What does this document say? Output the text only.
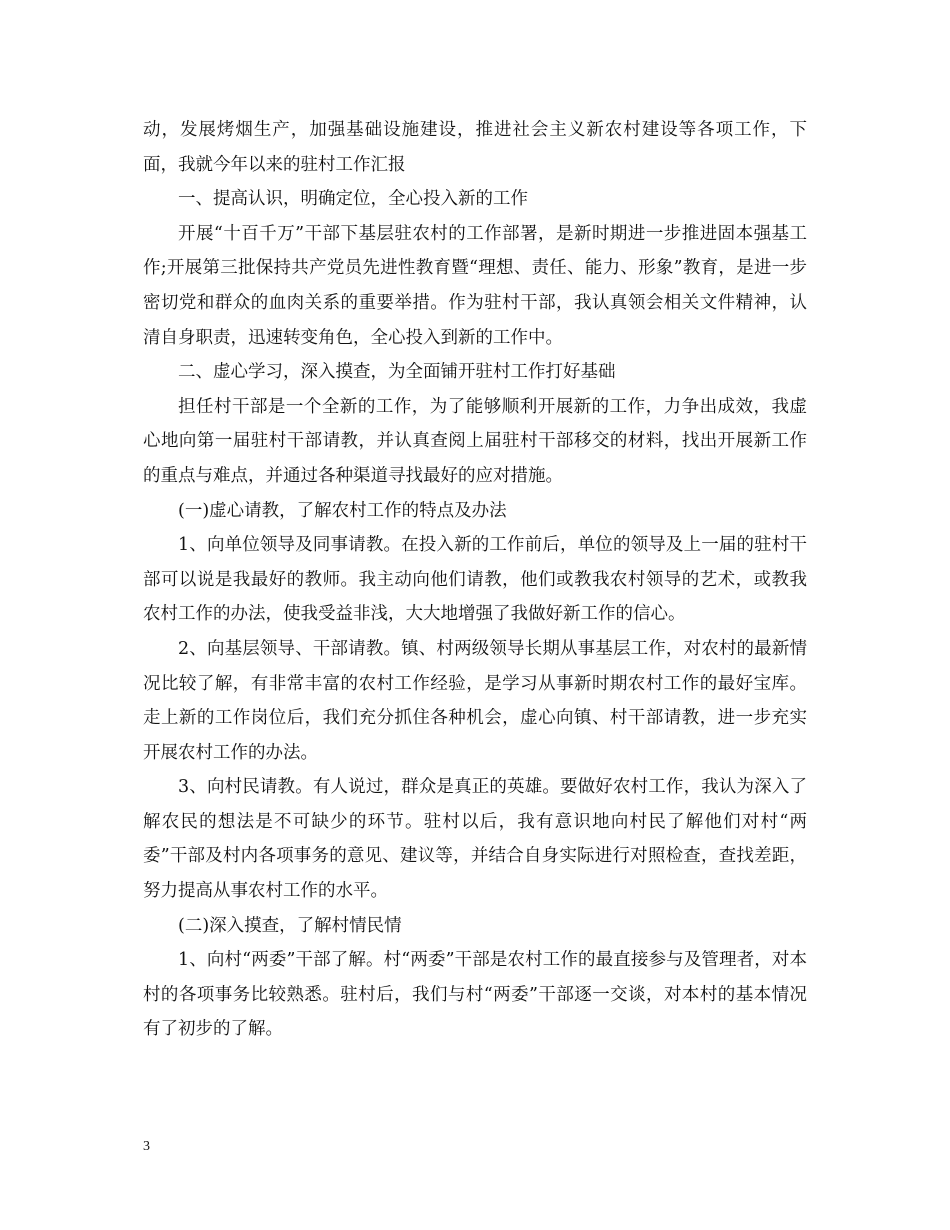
动，发展烤烟生产，加强基础设施建设，推进社会主义新农村建设等各项工作，下面，我就今年以来的驻村工作汇报

一、提高认识，明确定位，全心投入新的工作

开展“十百千万”干部下基层驻农村的工作部署，是新时期进一步推进固本强基工作;开展第三批保持共产党员先进性教育暨“理想、责任、能力、形象”教育，是进一步密切党和群众的血肉关系的重要举措。作为驻村干部，我认真领会相关文件精神，认清自身职责，迅速转变角色，全心投入到新的工作中。

二、虚心学习，深入摸查，为全面铺开驻村工作打好基础

担任村干部是一个全新的工作，为了能够顺利开展新的工作，力争出成效，我虚心地向第一届驻村干部请教，并认真查阅上届驻村干部移交的材料，找出开展新工作的重点与难点，并通过各种渠道寻找最好的应对措施。

(一)虚心请教，了解农村工作的特点及办法

1、向单位领导及同事请教。在投入新的工作前后，单位的领导及上一届的驻村干部可以说是我最好的教师。我主动向他们请教，他们或教我农村领导的艺术，或教我农村工作的办法，使我受益非浅，大大地增强了我做好新工作的信心。

2、向基层领导、干部请教。镇、村两级领导长期从事基层工作，对农村的最新情况比较了解，有非常丰富的农村工作经验，是学习从事新时期农村工作的最好宝库。走上新的工作岗位后，我们充分抓住各种机会，虚心向镇、村干部请教，进一步充实开展农村工作的办法。

3、向村民请教。有人说过，群众是真正的英雄。要做好农村工作，我认为深入了解农民的想法是不可缺少的环节。驻村以后，我有意识地向村民了解他们对村“两委”干部及村内各项事务的意见、建议等，并结合自身实际进行对照检查，查找差距，努力提高从事农村工作的水平。

(二)深入摸查，了解村情民情

1、向村“两委”干部了解。村“两委”干部是农村工作的最直接参与及管理者，对本村的各项事务比较熟悉。驻村后，我们与村“两委”干部逐一交谈，对本村的基本情况有了初步的了解。

3
